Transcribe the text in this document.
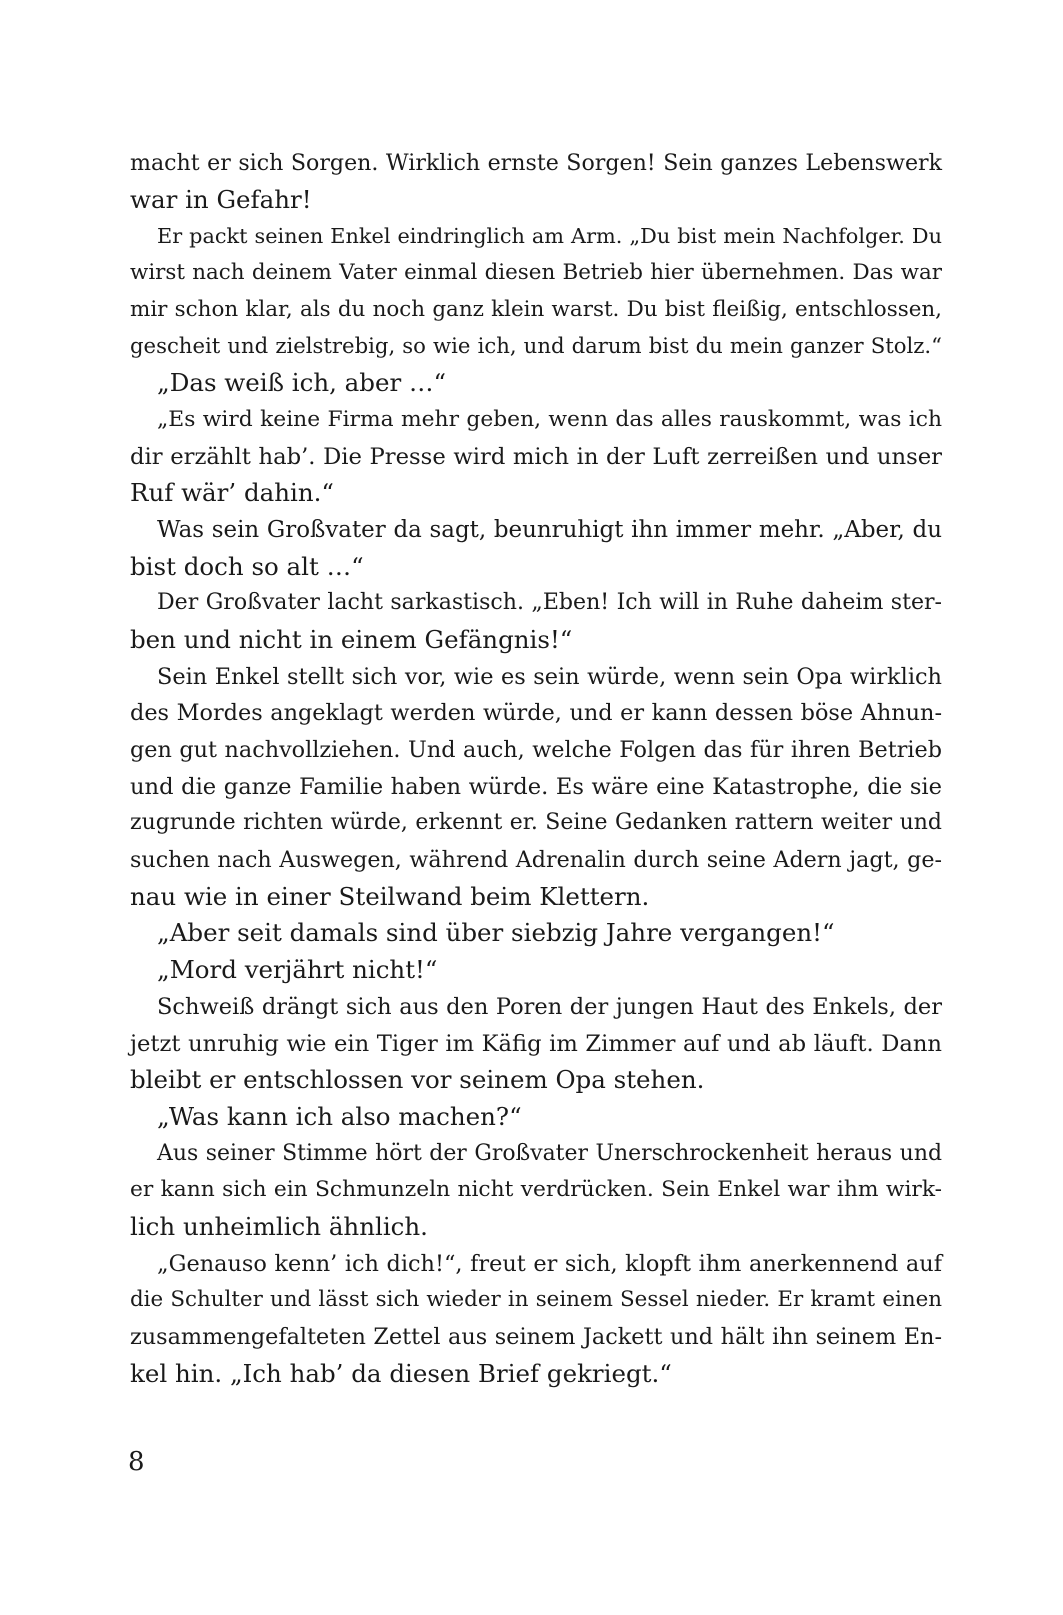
macht er sich Sorgen. Wirklich ernste Sorgen! Sein ganzes Lebenswerk
war in Gefahr!
Er packt seinen Enkel eindringlich am Arm. „Du bist mein Nachfolger. Du
wirst nach deinem Vater einmal diesen Betrieb hier übernehmen. Das war
mir schon klar, als du noch ganz klein warst. Du bist fleißig, entschlossen,
gescheit und zielstrebig, so wie ich, und darum bist du mein ganzer Stolz.“
„Das weiß ich, aber …“
„Es wird keine Firma mehr geben, wenn das alles rauskommt, was ich
dir erzählt hab’. Die Presse wird mich in der Luft zerreißen und unser
Ruf wär’ dahin.“
Was sein Großvater da sagt, beunruhigt ihn immer mehr. „Aber, du
bist doch so alt …“
Der Großvater lacht sarkastisch. „Eben! Ich will in Ruhe daheim ster-
ben und nicht in einem Gefängnis!“
Sein Enkel stellt sich vor, wie es sein würde, wenn sein Opa wirklich
des Mordes angeklagt werden würde, und er kann dessen böse Ahnun-
gen gut nachvollziehen. Und auch, welche Folgen das für ihren Betrieb
und die ganze Familie haben würde. Es wäre eine Katastrophe, die sie
zugrunde richten würde, erkennt er. Seine Gedanken rattern weiter und
suchen nach Auswegen, während Adrenalin durch seine Adern jagt, ge-
nau wie in einer Steilwand beim Klettern.
„Aber seit damals sind über siebzig Jahre vergangen!“
„Mord verjährt nicht!“
Schweiß drängt sich aus den Poren der jungen Haut des Enkels, der
jetzt unruhig wie ein Tiger im Käfig im Zimmer auf und ab läuft. Dann
bleibt er entschlossen vor seinem Opa stehen.
„Was kann ich also machen?“
Aus seiner Stimme hört der Großvater Unerschrockenheit heraus und
er kann sich ein Schmunzeln nicht verdrücken. Sein Enkel war ihm wirk-
lich unheimlich ähnlich.
„Genauso kenn’ ich dich!“, freut er sich, klopft ihm anerkennend auf
die Schulter und lässt sich wieder in seinem Sessel nieder. Er kramt einen
zusammengefalteten Zettel aus seinem Jackett und hält ihn seinem En-
kel hin. „Ich hab’ da diesen Brief gekriegt.“
8
